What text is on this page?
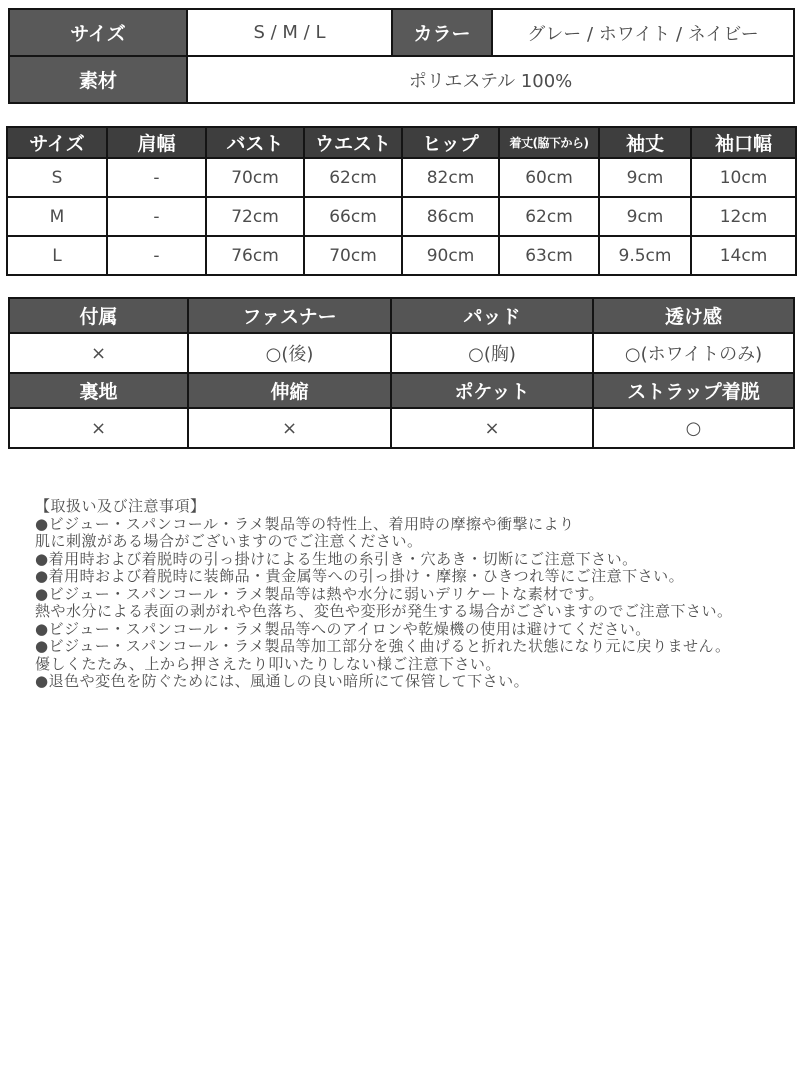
サイズ	S / M / L	カラー	グレー / ホワイト / ネイビー
素材	ポリエステル 100%		
サイズ	肩幅	バスト	ウエスト	ヒップ	着丈(脇下から)	袖丈	袖口幅
S	-	70cm	62cm	82cm	60cm	9cm	10cm
M	-	72cm	66cm	86cm	62cm	9cm	12cm
L	-	76cm	70cm	90cm	63cm	9.5cm	14cm
付属	ファスナー	パッド	透け感
×	○(後)	○(胸)	○(ホワイトのみ)
裏地	伸縮	ポケット	ストラップ着脱
×	×	×	○
【取扱い及び注意事項】
●ビジュー・スパンコール・ラメ製品等の特性上、着用時の摩擦や衝撃により
肌に刺激がある場合がございますのでご注意ください。
●着用時および着脱時の引っ掛けによる生地の糸引き・穴あき・切断にご注意下さい。
●着用時および着脱時に装飾品・貴金属等への引っ掛け・摩擦・ひきつれ等にご注意下さい。
●ビジュー・スパンコール・ラメ製品等は熱や水分に弱いデリケートな素材です。
熱や水分による表面の剥がれや色落ち、変色や変形が発生する場合がございますのでご注意下さい。
●ビジュー・スパンコール・ラメ製品等へのアイロンや乾燥機の使用は避けてください。
●ビジュー・スパンコール・ラメ製品等加工部分を強く曲げると折れた状態になり元に戻りません。
優しくたたみ、上から押さえたり叩いたりしない様ご注意下さい。
●退色や変色を防ぐためには、風通しの良い暗所にて保管して下さい。
